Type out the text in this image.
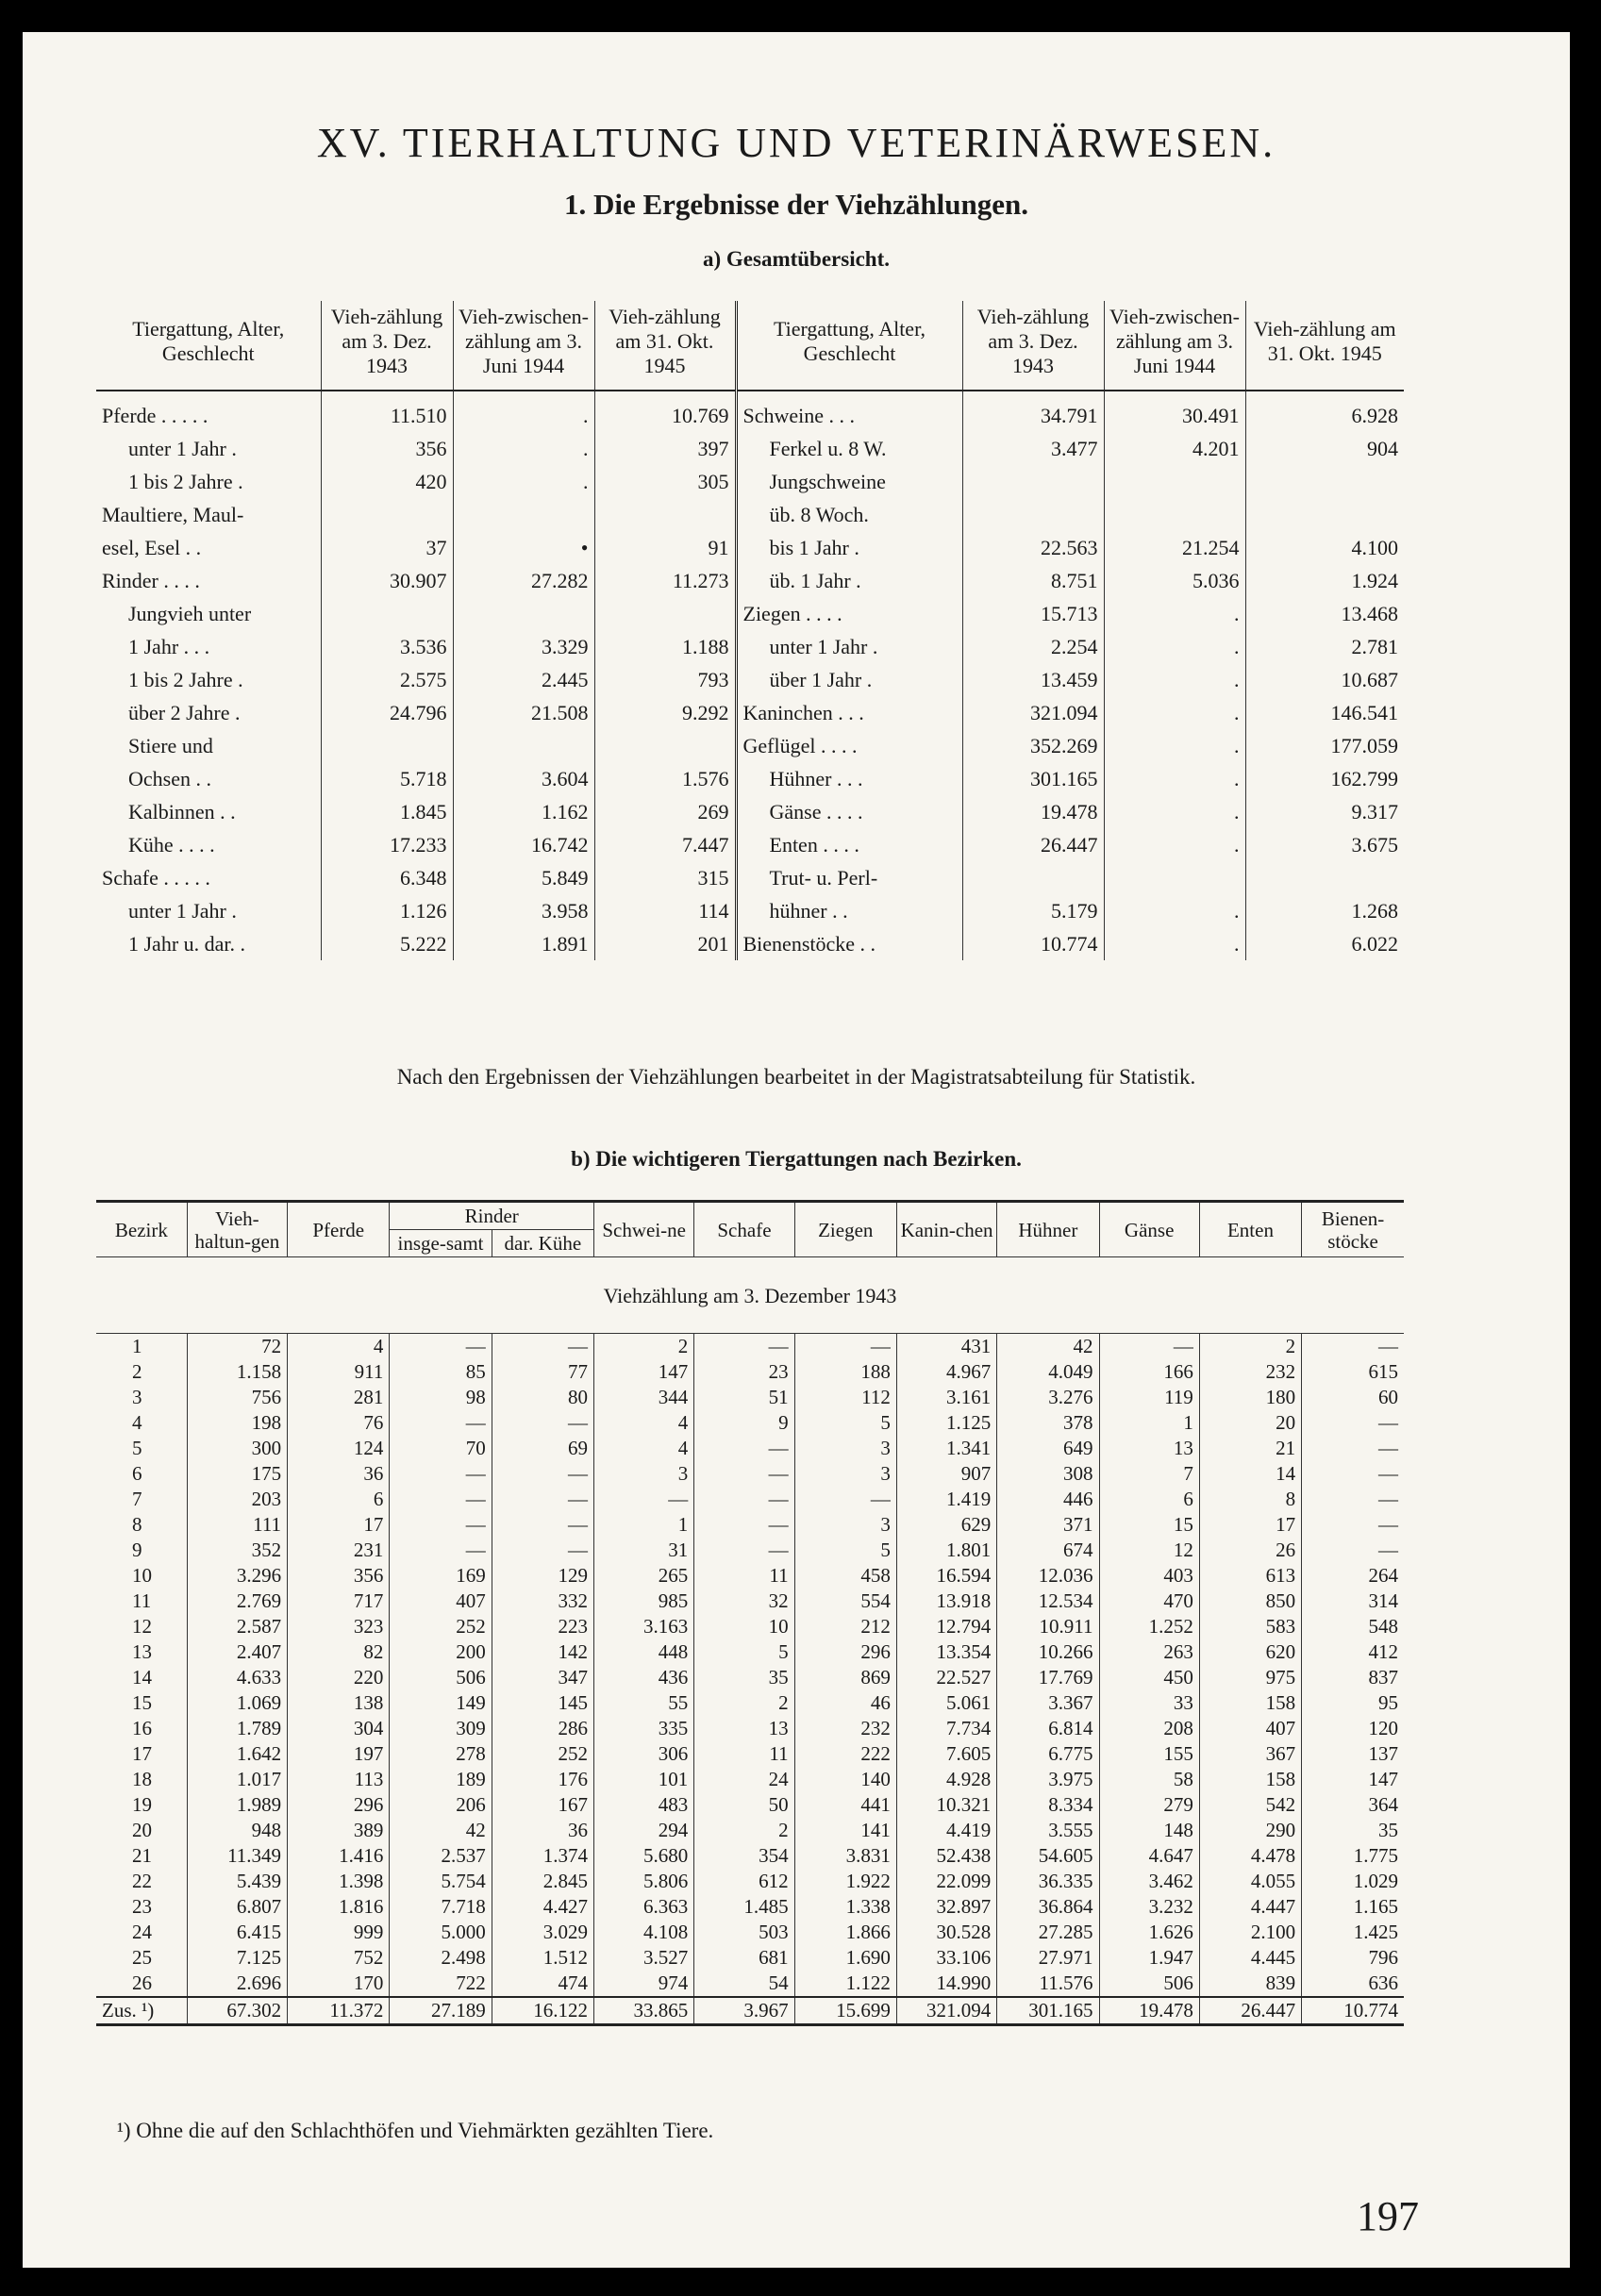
XV. TIERHALTUNG UND VETERINÄRWESEN.
1. Die Ergebnisse der Viehzählungen.
a) Gesamtübersicht.
Tiergattung, Alter, Geschlecht	Vieh-zählung am 3. Dez. 1943	Vieh-zwischen-zählung am 3. Juni 1944	Vieh-zählung am 31. Okt. 1945	Tiergattung, Alter, Geschlecht	Vieh-zählung am 3. Dez. 1943	Vieh-zwischen-zählung am 3. Juni 1944	Vieh-zählung am 31. Okt. 1945
Pferde . . . . .	11.510	.	10.769	Schweine . . .	34.791	30.491	6.928
unter 1 Jahr .	356	.	397	Ferkel u. 8 W.	3.477	4.201	904
1 bis 2 Jahre .	420	.	305	Jungschweine			
Maultiere, Maul-				üb. 8 Woch.			
esel, Esel . .	37	•	91	bis 1 Jahr .	22.563	21.254	4.100
Rinder . . . .	30.907	27.282	11.273	üb. 1 Jahr .	8.751	5.036	1.924
Jungvieh unter				Ziegen . . . .	15.713	.	13.468
1 Jahr . . .	3.536	3.329	1.188	unter 1 Jahr .	2.254	.	2.781
1 bis 2 Jahre .	2.575	2.445	793	über 1 Jahr .	13.459	.	10.687
über 2 Jahre .	24.796	21.508	9.292	Kaninchen . . .	321.094	.	146.541
Stiere und				Geflügel . . . .	352.269	.	177.059
Ochsen . .	5.718	3.604	1.576	Hühner . . .	301.165	.	162.799
Kalbinnen . .	1.845	1.162	269	Gänse . . . .	19.478	.	9.317
Kühe . . . .	17.233	16.742	7.447	Enten . . . .	26.447	.	3.675
Schafe . . . . .	6.348	5.849	315	Trut- u. Perl-			
unter 1 Jahr .	1.126	3.958	114	hühner . .	5.179	.	1.268
1 Jahr u. dar. .	5.222	1.891	201	Bienenstöcke . .	10.774	.	6.022
Nach den Ergebnissen der Viehzählungen bearbeitet in der Magistratsabteilung für Statistik.
b) Die wichtigeren Tiergattungen nach Bezirken.
Bezirk	Vieh-haltun-gen	Pferde	Rinder		Schwei-ne	Schafe	Ziegen	Kanin-chen	Hühner	Gänse	Enten	Bienen-stöcke
			insge-samt	dar. Kühe								
Viehzählung am 3. Dezember 1943												
1	72	4	—	—	2	—	—	431	42	—	2	—
2	1.158	911	85	77	147	23	188	4.967	4.049	166	232	615
3	756	281	98	80	344	51	112	3.161	3.276	119	180	60
4	198	76	—	—	4	9	5	1.125	378	1	20	—
5	300	124	70	69	4	—	3	1.341	649	13	21	—
6	175	36	—	—	3	—	3	907	308	7	14	—
7	203	6	—	—	—	—	—	1.419	446	6	8	—
8	111	17	—	—	1	—	3	629	371	15	17	—
9	352	231	—	—	31	—	5	1.801	674	12	26	—
10	3.296	356	169	129	265	11	458	16.594	12.036	403	613	264
11	2.769	717	407	332	985	32	554	13.918	12.534	470	850	314
12	2.587	323	252	223	3.163	10	212	12.794	10.911	1.252	583	548
13	2.407	82	200	142	448	5	296	13.354	10.266	263	620	412
14	4.633	220	506	347	436	35	869	22.527	17.769	450	975	837
15	1.069	138	149	145	55	2	46	5.061	3.367	33	158	95
16	1.789	304	309	286	335	13	232	7.734	6.814	208	407	120
17	1.642	197	278	252	306	11	222	7.605	6.775	155	367	137
18	1.017	113	189	176	101	24	140	4.928	3.975	58	158	147
19	1.989	296	206	167	483	50	441	10.321	8.334	279	542	364
20	948	389	42	36	294	2	141	4.419	3.555	148	290	35
21	11.349	1.416	2.537	1.374	5.680	354	3.831	52.438	54.605	4.647	4.478	1.775
22	5.439	1.398	5.754	2.845	5.806	612	1.922	22.099	36.335	3.462	4.055	1.029
23	6.807	1.816	7.718	4.427	6.363	1.485	1.338	32.897	36.864	3.232	4.447	1.165
24	6.415	999	5.000	3.029	4.108	503	1.866	30.528	27.285	1.626	2.100	1.425
25	7.125	752	2.498	1.512	3.527	681	1.690	33.106	27.971	1.947	4.445	796
26	2.696	170	722	474	974	54	1.122	14.990	11.576	506	839	636
Zus. ¹)	67.302	11.372	27.189	16.122	33.865	3.967	15.699	321.094	301.165	19.478	26.447	10.774
¹) Ohne die auf den Schlachthöfen und Viehmärkten gezählten Tiere.
197
